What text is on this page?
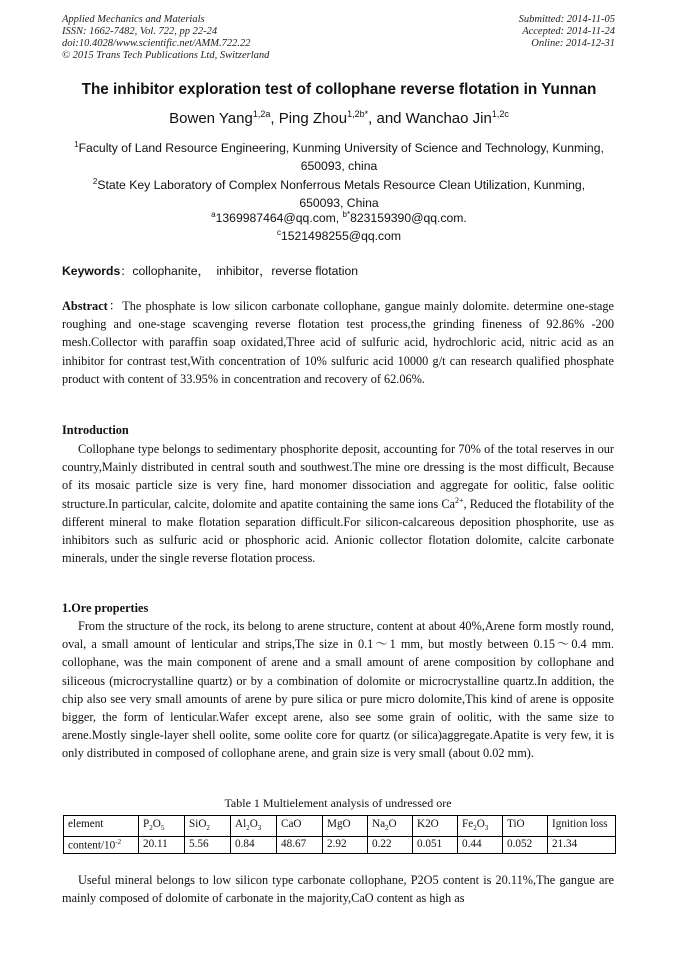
Applied Mechanics and Materials
ISSN: 1662-7482, Vol. 722, pp 22-24
doi:10.4028/www.scientific.net/AMM.722.22
© 2015 Trans Tech Publications Ltd, Switzerland
Submitted: 2014-11-05
Accepted: 2014-11-24
Online: 2014-12-31
The inhibitor exploration test of collophane reverse flotation in Yunnan
Bowen Yang$^{1,2a}$, Ping Zhou$^{1,2b*}$, and Wanchao Jin$^{1,2c}$
$^1$Faculty of Land Resource Engineering, Kunming University of Science and Technology, Kunming,
650093, china
$^2$State Key Laboratory of Complex Nonferrous Metals Resource Clean Utilization, Kunming,
650093, China
$^a$1369987464@qq.com, $^{b*}$823159390@qq.com.
$^c$1521498255@qq.com
Keywords：collophanite，  inhibitor，reverse flotation
Abstract：The phosphate is low silicon carbonate collophane, gangue mainly dolomite. determine one-stage roughing and one-stage scavenging reverse flotation test process,the grinding fineness of 92.86% -200 mesh.Collector with paraffin soap oxidated,Three acid of sulfuric acid, hydrochloric acid, nitric acid as an inhibitor for contrast test,With concentration of 10% sulfuric acid 10000 g/t can research qualified phosphate product with content of 33.95% in concentration and recovery of 62.06%.
Introduction
Collophane type belongs to sedimentary phosphorite deposit, accounting for 70% of the total reserves in our country,Mainly distributed in central south and southwest.The mine ore dressing is the most difficult, Because of its mosaic particle size is very fine, hard monomer dissociation and aggregate for oolitic, false oolitic structure.In particular, calcite, dolomite and apatite containing the same ions $Ca^{2+}$, Reduced the flotability of the different mineral to make flotation separation difficult.For silicon-calcareous deposition phosphorite, use as inhibitors such as sulfuric acid or phosphoric acid. Anionic collector flotation dolomite, calcite carbonate minerals, under the single reverse flotation process.
1.Ore properties
From the structure of the rock, its belong to arene structure, content at about 40%,Arene form mostly round, oval, a small amount of lenticular and strips,The size in 0.1～1 mm, but mostly between 0.15～0.4 mm. collophane, was the main component of arene and a small amount of arene composition by collophane and siliceous (microcrystalline quartz) or by a combination of dolomite or microcrystalline quartz.In addition, the chip also see very small amounts of arene by pure silica or pure micro dolomite,This kind of arene is opposite bigger, the form of lenticular.Wafer except arene, also see some grain of oolitic, with the same size to arene.Mostly single-layer shell oolite, some oolite core for quartz (or silica)aggregate.Apatite is very few, it is only distributed in composed of collophane arene, and grain size is very small (about 0.02 mm).
Table 1 Multielement analysis of undressed ore
element	$P_2O_5$	SiO$_2$	$Al_2O_3$	CaO	MgO	$Na_2O$	K2O	$Fe_2O_3$	TiO	Ignition loss
content/$10^{-2}$	20.11	5.56	0.84	48.67	2.92	0.22	0.051	0.44	0.052	21.34
Useful mineral belongs to low silicon type carbonate collophane, P2O5 content is 20.11%,The gangue are mainly composed of dolomite of carbonate in the majority,CaO content as high as
